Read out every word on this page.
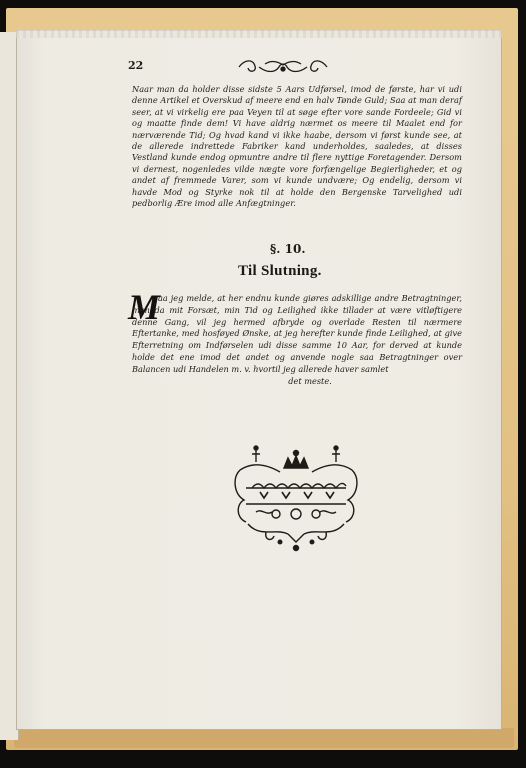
22
Naar man da holder disse sidste 5 Aars Udførsel, imod de første, har vi udi denne Artikel et Overskud af meere end en halv Tønde Guld; Saa at man deraf seer, at vi virkelig ere paa Veyen til at søge efter vore sande Fordeele; Gid vi og maatte finde dem! Vi have aldrig nærmet os meere til Maalet end for nærværende Tid; Og hvad kand vi ikke haabe, dersom vi først kunde see, at de allerede indrettede Fabriker kand underholdes, saaledes, at disses Vestland kunde endog opmuntre andre til flere nyttige Foretagender. Dersom vi dernest, nogenledes vilde nægte vore forfængelige Begierligheder, et og andet af fremmede Varer, som vi kunde undvære; Og endelig, dersom vi havde Mod og Styrke nok til at holde den Bergenske Tarvelighed udi pedborlig Ære imod alle Anfægtninger.
§. 10.
Til Slutning.
M
aa jeg melde, at her endnu kunde giøres adskillige andre Betragtninger, men da mit Forsæt, min Tid og Leilighed ikke tillader at være vitløftigere denne Gang, vil jeg hermed afbryde og overlade Resten til nærmere Eftertanke, med hosføyed Ønske, at jeg herefter kunde finde Leilighed, at give Efterretning om Indførselen udi disse samme 10 Aar, for derved at kunde holde det ene imod det andet og anvende nogle saa Betragtninger over Balancen udi Handelen m. v. hvortil jeg allerede haver samlet
det meste.
